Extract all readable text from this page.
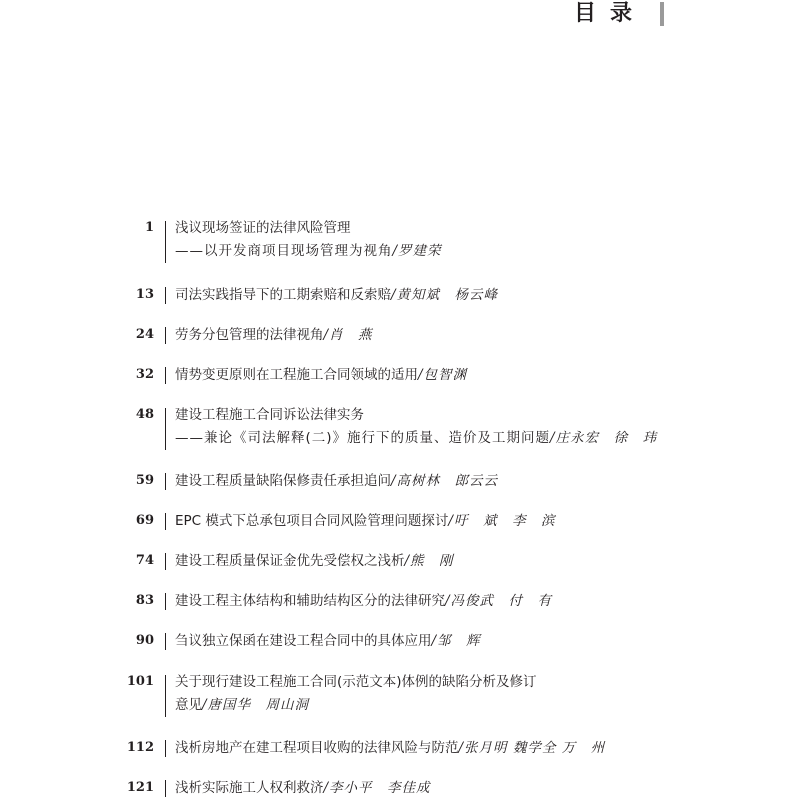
目录
1 浅议现场签证的法律风险管理
——以开发商项目现场管理为视角/罗建荣
13 司法实践指导下的工期索赔和反索赔/黄知斌　杨云峰
24 劳务分包管理的法律视角/肖　燕
32 情势变更原则在工程施工合同领域的适用/包智渊
48 建设工程施工合同诉讼法律实务
——兼论《司法解释(二)》施行下的质量、造价及工期问题/庄永宏　徐　玮
59 建设工程质量缺陷保修责任承担追问/高树林　郎云云
69 EPC 模式下总承包项目合同风险管理问题探讨/吁　斌　李　滨
74 建设工程质量保证金优先受偿权之浅析/熊　刚
83 建设工程主体结构和辅助结构区分的法律研究/冯俊武　付　有
90 刍议独立保函在建设工程合同中的具体应用/邹　辉
101 关于现行建设工程施工合同(示范文本)体例的缺陷分析及修订
意见/唐国华　周山洞
112 浅析房地产在建工程项目收购的法律风险与防范/张月明 魏学全 万　州
121 浅析实际施工人权利救济/李小平　李佳成
